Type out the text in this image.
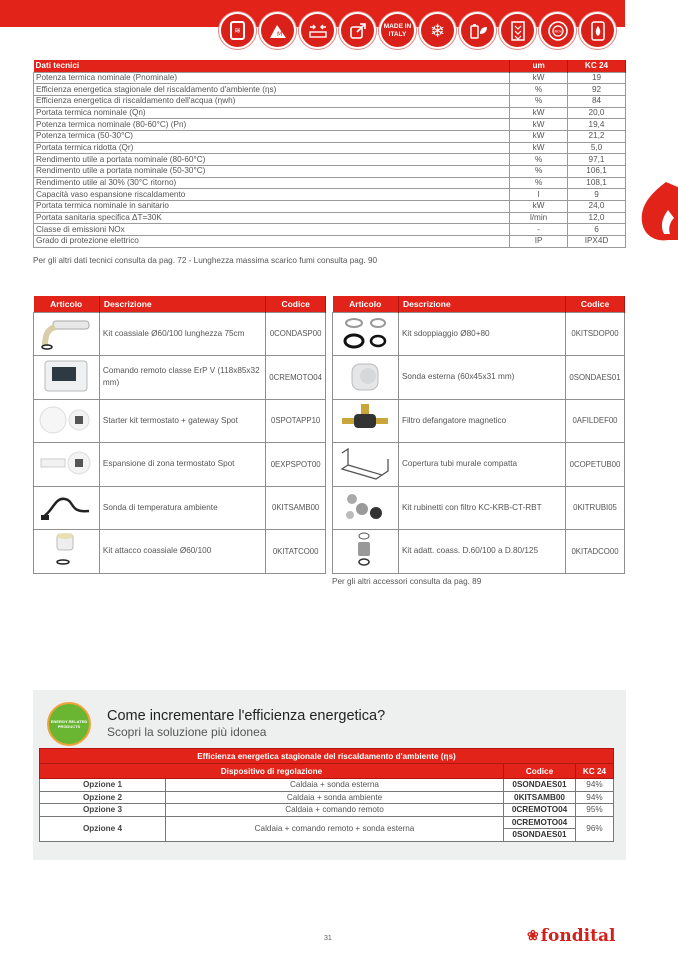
≋	M
MADE IN ITALY	❄	NOx
Dati tecnici	um	KC 24
Potenza termica nominale (Pnominale)	kW	19
Efficienza energetica stagionale del riscaldamento d'ambiente (ηs)	%	92
Efficienza energetica di riscaldamento dell'acqua (ηwh)	%	84
Portata termica nominale (Qn)	kW	20,0
Potenza termica nominale (80-60°C) (Pn)	kW	19,4
Potenza termica (50-30°C)	kW	21,2
Portata termica ridotta (Qr)	kW	5,0
Rendimento utile a portata nominale (80-60°C)	%	97,1
Rendimento utile a portata nominale (50-30°C)	%	106,1
Rendimento utile al 30% (30°C ritorno)	%	108,1
Capacità vaso espansione riscaldamento	l	9
Portata termica nominale in sanitario	kW	24,0
Portata sanitaria specifica ΔT=30K	l/min	12,0
Classe di emissioni NOx	-	6
Grado di protezione elettrico	IP	IPX4D
Per gli altri dati tecnici consulta da pag. 72 - Lunghezza massima scarico fumi consulta pag. 90
Articolo	Descrizione	Codice
	Kit coassiale Ø60/100 lunghezza 75cm	0CONDASP00
	Comando remoto classe ErP V (118x85x32 mm)	0CREMOTO04
	Starter kit termostato + gateway Spot	0SPOTAPP10
	Espansione di zona termostato Spot	0EXPSPOT00
	Sonda di temperatura ambiente	0KITSAMB00
	Kit attacco coassiale Ø60/100	0KITATCO00
Articolo	Descrizione	Codice
	Kit sdoppiaggio Ø80+80	0KITSDOP00
	Sonda esterna (60x45x31 mm)	0SONDAES01
	Filtro defangatore magnetico	0AFILDEF00
	Copertura tubi murale compatta	0COPETUB00
	Kit rubinetti con filtro KC-KRB-CT-RBT	0KITRUBI05
	Kit adatt. coass. D.60/100 a D.80/125	0KITADCO00
Per gli altri accessori consulta da pag. 89
ENERGY RELATED PRODUCTS
Come incrementare l'efficienza energetica?
Scopri la soluzione più idonea
Efficienza energetica stagionale del riscaldamento d'ambiente (ηs)			
Dispositivo di regolazione		Codice	KC 24
Opzione 1	Caldaia + sonda esterna	0SONDAES01	94%
Opzione 2	Caldaia + sonda ambiente	0KITSAMB00	94%
Opzione 3	Caldaia + comando remoto	0CREMOTO04	95%
Opzione 4	Caldaia + comando remoto + sonda esterna	0CREMOTO04	96%
		0SONDAES01	
31	❀ fondital
